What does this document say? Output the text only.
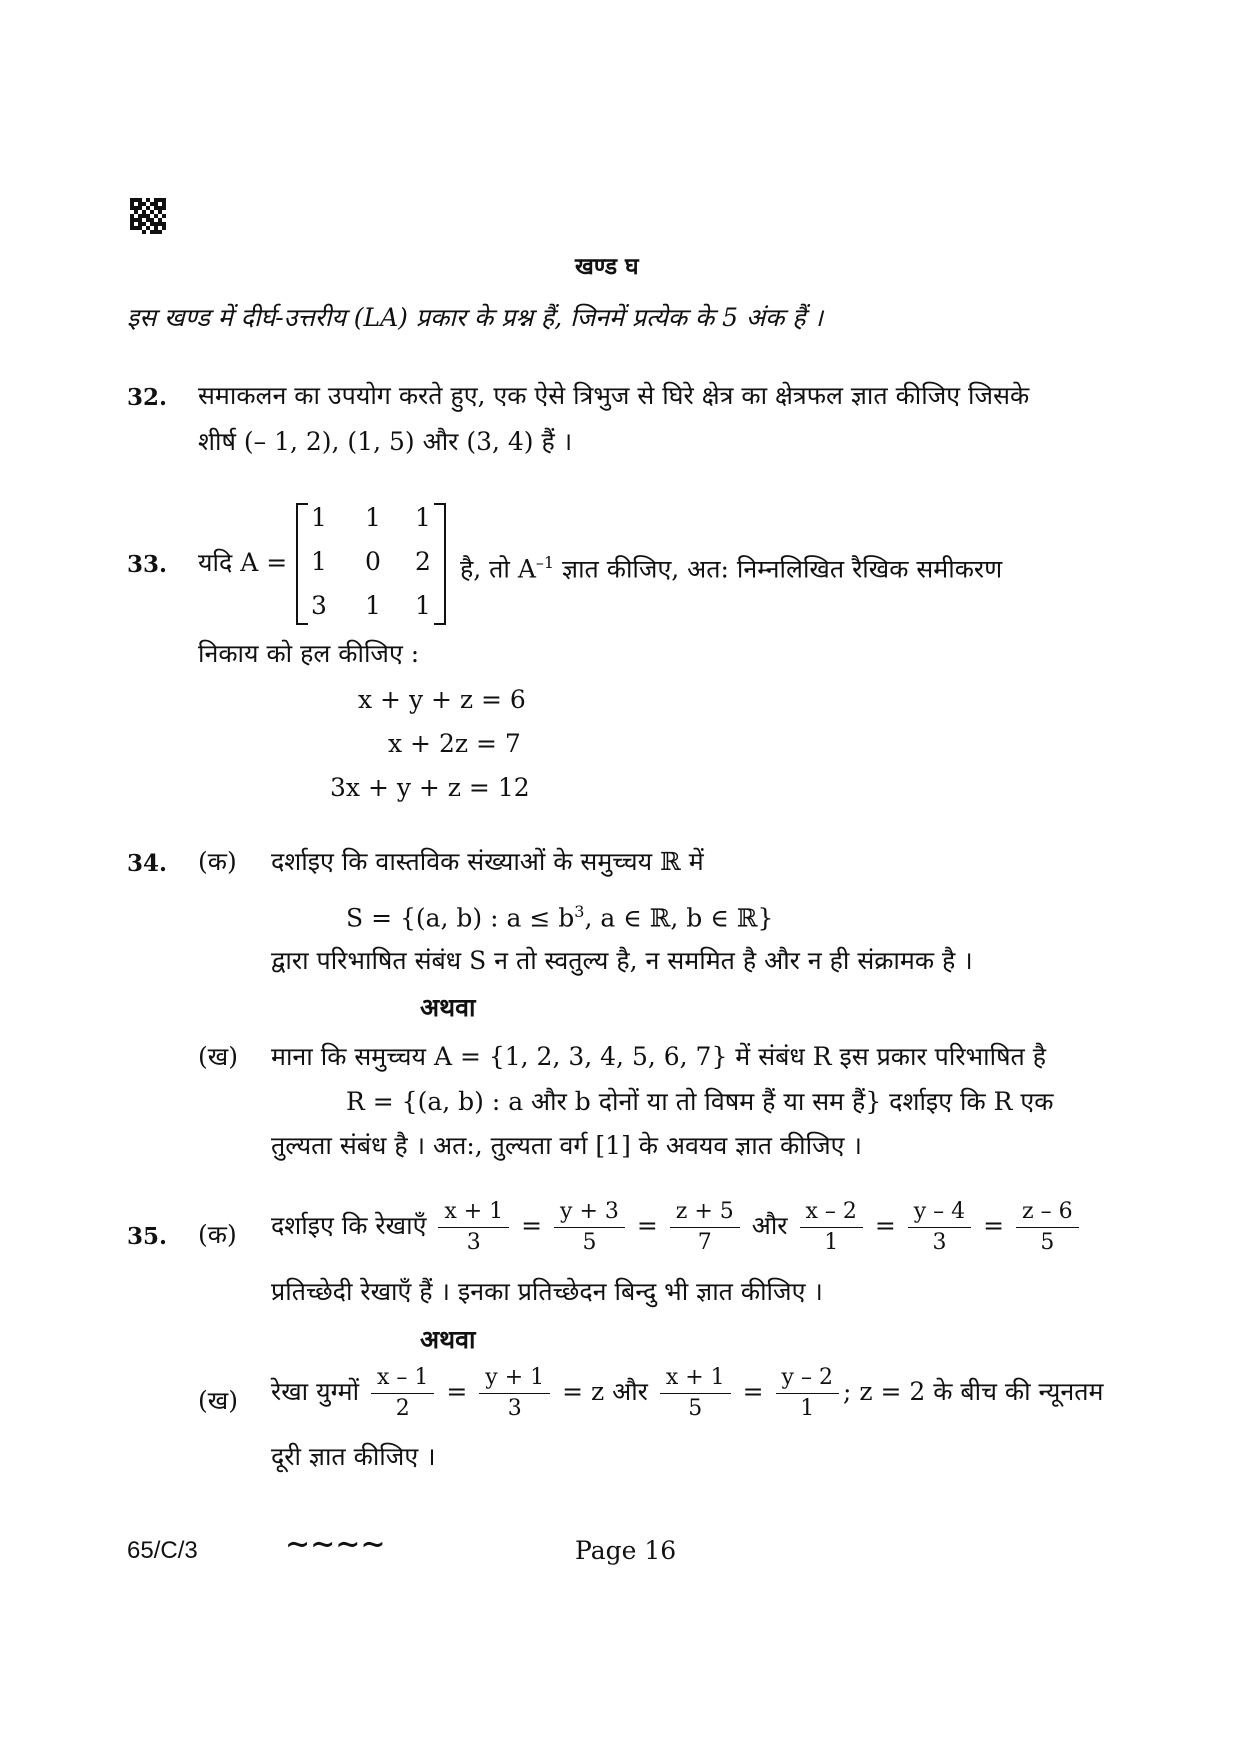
खण्ड घ
इस खण्ड में दीर्घ-उत्तरीय (LA) प्रकार के प्रश्न हैं, जिनमें प्रत्येक के 5 अंक हैं ।
32. समाकलन का उपयोग करते हुए, एक ऐसे त्रिभुज से घिरे क्षेत्र का क्षेत्रफल ज्ञात कीजिए जिसके
शीर्ष (– 1, 2), (1, 5) और (3, 4) हैं ।
33. यदि A =
1 1 1
1 0 2
3 1 1
है, तो $A^{-1}$ ज्ञात कीजिए, अत: निम्नलिखित रैखिक समीकरण
निकाय को हल कीजिए :
x + y + z = 6
x + 2z = 7
3x + y + z = 12
34. (क) दर्शाइए कि वास्तविक संख्याओं के समुच्चय ℝ में
S = {(a, b) : $a \le b^3$, a ∈ ℝ, b ∈ ℝ}
द्वारा परिभाषित संबंध S न तो स्वतुल्य है, न सममित है और न ही संक्रामक है ।
अथवा
(ख) माना कि समुच्चय A = {1, 2, 3, 4, 5, 6, 7} में संबंध R इस प्रकार परिभाषित है
R = {(a, b) : a और b दोनों या तो विषम हैं या सम हैं} दर्शाइए कि R एक
तुल्यता संबंध है । अत:, तुल्यता वर्ग [1] के अवयव ज्ञात कीजिए ।
35. (क) दर्शाइए कि रेखाएँ $\frac{x + 1}{3} = \frac{y + 3}{5} = \frac{z + 5}{7}$ और $\frac{x - 2}{1} = \frac{y - 4}{3} = \frac{z - 6}{5}$
प्रतिच्छेदी रेखाएँ हैं । इनका प्रतिच्छेदन बिन्दु भी ज्ञात कीजिए ।
अथवा
(ख) रेखा युग्मों $\frac{x - 1}{2} = \frac{y + 1}{3} = z$ और $\frac{x + 1}{5} = \frac{y - 2}{1}$ ; z = 2 के बीच की न्यूनतम
दूरी ज्ञात कीजिए ।
65/C/3	∼∼∼∼	Page 16
